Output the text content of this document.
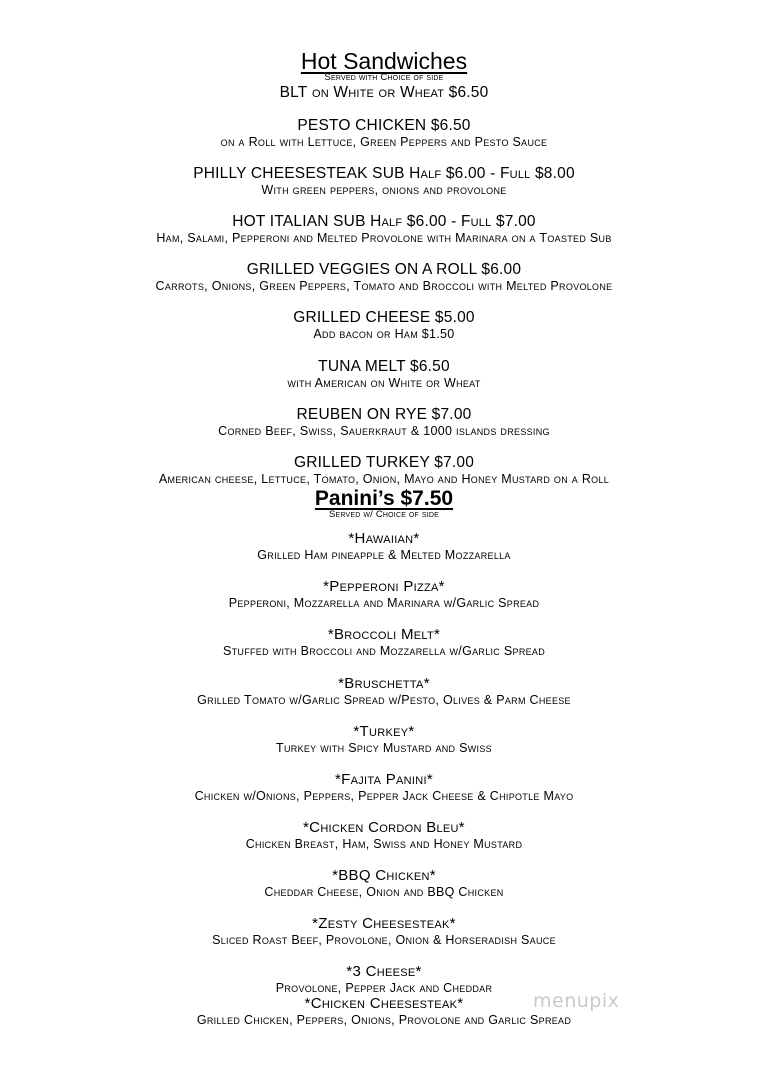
Hot Sandwiches
Served with Choice of side
BLT on White or Wheat $6.50
PESTO CHICKEN $6.50
on a Roll with Lettuce, Green Peppers and Pesto Sauce
PHILLY CHEESESTEAK SUB Half $6.00 - Full $8.00
With green peppers, onions and provolone
HOT ITALIAN SUB Half $6.00 - Full $7.00
Ham, Salami, Pepperoni and Melted Provolone with Marinara on a Toasted Sub
GRILLED VEGGIES ON A ROLL $6.00
Carrots, Onions, Green Peppers, Tomato and Broccoli with Melted Provolone
GRILLED CHEESE $5.00
Add bacon or Ham $1.50
TUNA MELT $6.50
with American on White or Wheat
REUBEN ON RYE $7.00
Corned Beef, Swiss, Sauerkraut & 1000 islands dressing
GRILLED TURKEY $7.00
American cheese, Lettuce, Tomato, Onion, Mayo and Honey Mustard on a Roll
Panini’s $7.50
Served w/ Choice of side
*Hawaiian*
Grilled Ham pineapple & Melted Mozzarella
*Pepperoni Pizza*
Pepperoni, Mozzarella and Marinara w/Garlic Spread
*Broccoli Melt*
Stuffed with Broccoli and Mozzarella w/Garlic Spread
*Bruschetta*
Grilled Tomato w/Garlic Spread w/Pesto, Olives & Parm Cheese
*Turkey*
Turkey with Spicy Mustard and Swiss
*Fajita Panini*
Chicken w/Onions, Peppers, Pepper Jack Cheese & Chipotle Mayo
*Chicken Cordon Bleu*
Chicken Breast, Ham, Swiss and Honey Mustard
*BBQ Chicken*
Cheddar Cheese, Onion and BBQ Chicken
*Zesty Cheesesteak*
Sliced Roast Beef, Provolone, Onion & Horseradish Sauce
*3 Cheese*
Provolone, Pepper Jack and Cheddar
*Chicken Cheesesteak*
Grilled Chicken, Peppers, Onions, Provolone and Garlic Spread
menupix
